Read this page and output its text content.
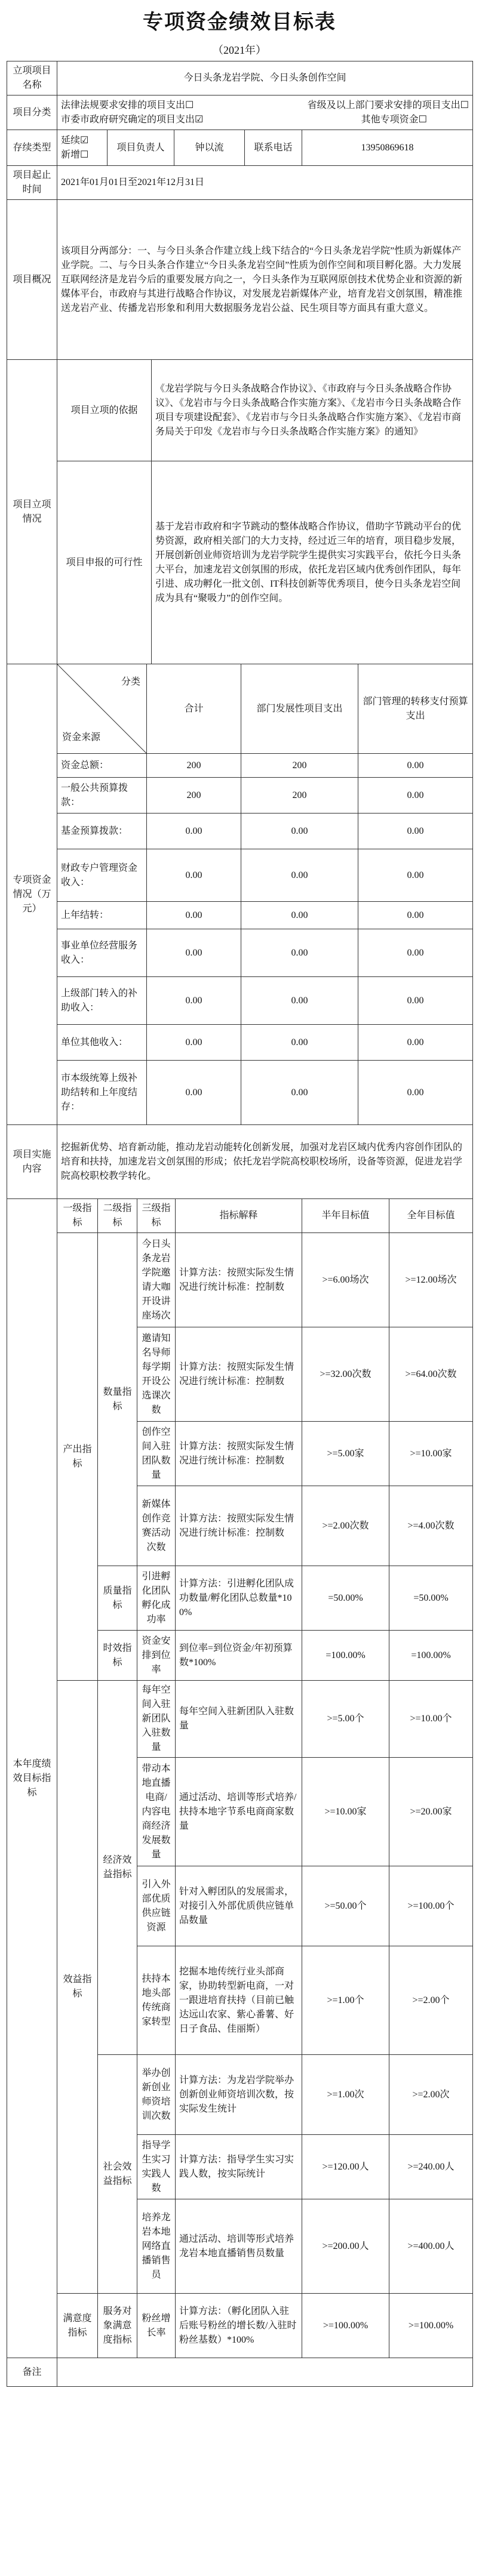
专项资金绩效目标表
（2021年）
立项项目名称	今日头条龙岩学院、今日头条创作空间				
项目分类	法律法规要求安排的项目支出☐ 省级及以上部门要求安排的项目支出☐
市委市政府研究确定的项目支出☑ 其他专项资金☐				

存续类型	延续☑
新增☐	项目负责人	钟以流	联系电话	13950869618
项目起止时间	2021年01月01日至2021年12月31日				
项目概况	该项目分两部分：一、与今日头条合作建立线上线下结合的“今日头条龙岩学院”性质为新媒体产业学院。二、与今日头条合作建立“今日头条龙岩空间”性质为创作空间和项目孵化器。大力发展互联网经济是龙岩今后的重要发展方向之一，今日头条作为互联网原创技术优势企业和资源的新媒体平台，市政府与其进行战略合作协议，对发展龙岩新媒体产业，培育龙岩文创氛围，精准推送龙岩产业、传播龙岩形象和利用大数据服务龙岩公益、民生项目等方面具有重大意义。				
项目立项情况	项目立项的依据	《龙岩学院与今日头条战略合作协议》、《市政府与今日头条战略合作协议》、《龙岩市与今日头条战略合作实施方案》、《龙岩市今日头条战略合作项目专项建设配套》、《龙岩市与今日头条战略合作实施方案》、《龙岩市商务局关于印发《龙岩市与今日头条战略合作实施方案》的通知》
	项目申报的可行性	基于龙岩市政府和字节跳动的整体战略合作协议，借助字节跳动平台的优势资源，政府相关部门的大力支持，经过近三年的培育，项目稳步发展，开展创新创业师资培训为龙岩学院学生提供实习实践平台，依托今日头条大平台，加速龙岩文创氛围的形成，依托龙岩区域内优秀创作团队，每年引进、成功孵化一批文创、IT科技创新等优秀项目，使今日头条龙岩空间成为具有“聚吸力”的创作空间。
专项资金情况（万元）	分类
资金来源	合计	部门发展性项目支出	部门管理的转移支付预算支出
	资金总额：	200	200	0.00
	一般公共预算拨款：	200	200	0.00
	基金预算拨款：	0.00	0.00	0.00
	财政专户管理资金收入：	0.00	0.00	0.00
	上年结转：	0.00	0.00	0.00
	事业单位经营服务收入：	0.00	0.00	0.00
	上级部门转入的补助收入：	0.00	0.00	0.00
	单位其他收入：	0.00	0.00	0.00
	市本级统筹上级补助结转和上年度结存：	0.00	0.00	0.00
项目实施内容	挖掘新优势、培育新动能，推动龙岩动能转化创新发展，加强对龙岩区域内优秀内容创作团队的培育和扶持，加速龙岩文创氛围的形成；依托龙岩学院高校职校场所，设备等资源，促进龙岩学院高校职校教学转化。
本年度绩效目标指标	一级指标	二级指标	三级指标	指标解释	半年目标值	全年目标值
	产出指标	数量指标	今日头条龙岩学院邀请大咖开设讲座场次	计算方法：按照实际发生情况进行统计标准：控制数	>=6.00场次	>=12.00场次
			邀请知名导师每学期开设公选课次数	计算方法：按照实际发生情况进行统计标准：控制数	>=32.00次数	>=64.00次数
			创作空间入驻团队数量	计算方法：按照实际发生情况进行统计标准：控制数	>=5.00家	>=10.00家
			新媒体创作竞赛活动次数	计算方法：按照实际发生情况进行统计标准：控制数	>=2.00次数	>=4.00次数
		质量指标	引进孵化团队孵化成功率	计算方法：引进孵化团队成功数量/孵化团队总数量*100%	=50.00%	=50.00%
		时效指标	资金安排到位率	到位率=到位资金/年初预算数*100%	=100.00%	=100.00%
	效益指标	经济效益指标	每年空间入驻新团队入驻数量	每年空间入驻新团队入驻数量	>=5.00个	>=10.00个
			带动本地直播电商/内容电商经济发展数量	通过活动、培训等形式培养/扶持本地字节系电商商家数量	>=10.00家	>=20.00家
			引入外部优质供应链资源	针对入孵团队的发展需求，对接引入外部优质供应链单品数量	>=50.00个	>=100.00个
			扶持本地头部传统商家转型	挖掘本地传统行业头部商家，协助转型新电商，一对一跟进培育扶持（目前已触达远山农家、紫心番薯、好日子食品、佳丽斯）	>=1.00个	>=2.00个
		社会效益指标	举办创新创业师资培训次数	计算方法：为龙岩学院举办创新创业师资培训次数，按实际发生统计	>=1.00次	>=2.00次
			指导学生实习实践人数	计算方法：指导学生实习实践人数，按实际统计	>=120.00人	>=240.00人
			培养龙岩本地网络直播销售员	通过活动、培训等形式培养龙岩本地直播销售员数量	>=200.00人	>=400.00人
	满意度指标	服务对象满意度指标	粉丝增长率	计算方法：（孵化团队入驻后账号粉丝的增长数/入驻时粉丝基数）*100%	>=100.00%	>=100.00%
备注	
